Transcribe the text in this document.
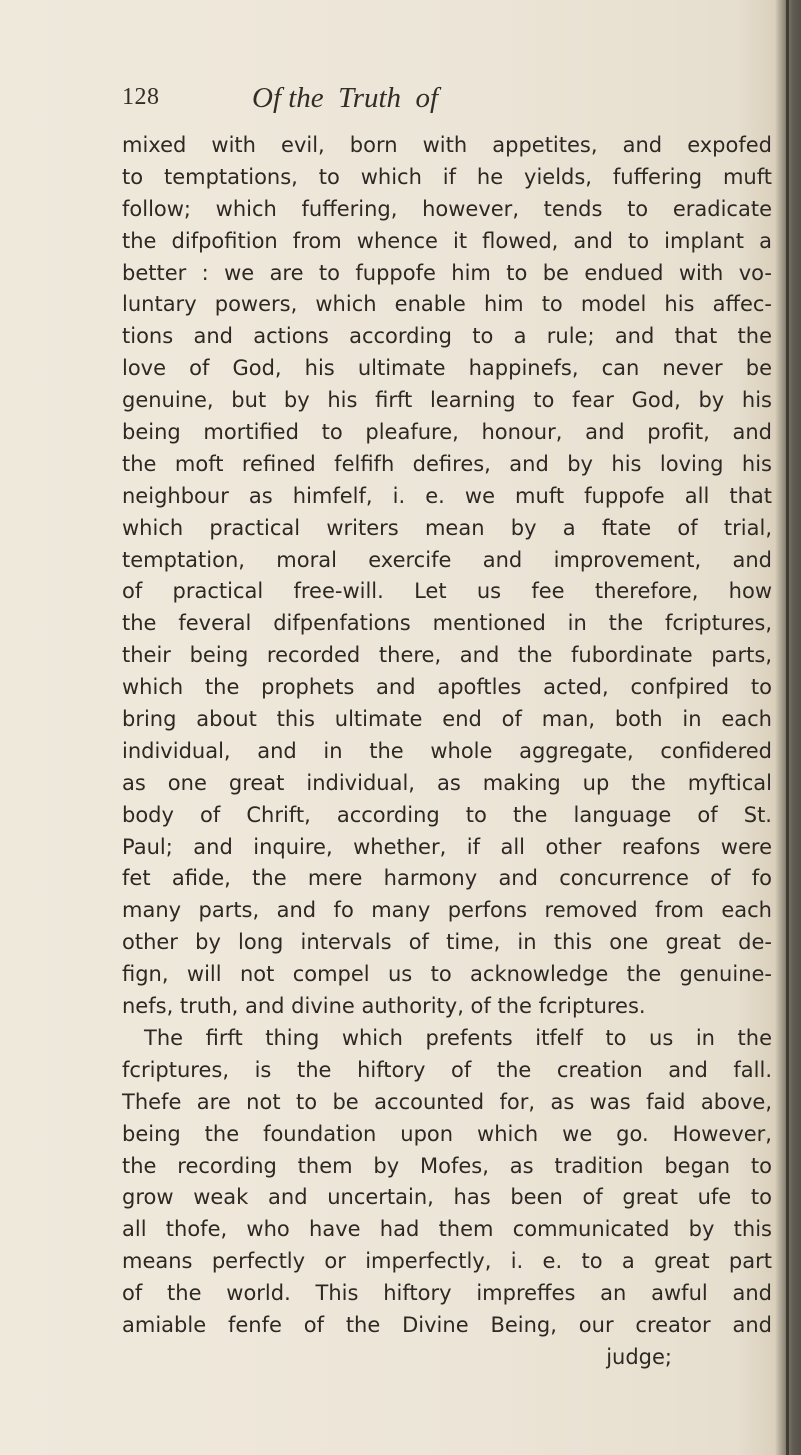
128	Of the  Truth  of
mixed with evil, born with appetites, and expofed
to temptations, to which if he yields, fuffering muft
follow; which fuffering, however, tends to eradicate
the difpofition from whence it flowed, and to implant a
better : we are to fuppofe him to be endued with vo-
luntary powers, which enable him to model his affec-
tions and actions according to a rule; and that the
love of God, his ultimate happinefs, can never be
genuine, but by his firft learning to fear God, by his
being mortified to pleafure, honour, and profit, and
the moft refined felfifh defires, and by his loving his
neighbour as himfelf, i. e. we muft fuppofe all that
which practical writers mean by a ftate of trial,
temptation, moral exercife and improvement, and
of practical free-will. Let us fee therefore, how
the feveral difpenfations mentioned in the fcriptures,
their being recorded there, and the fubordinate parts,
which the prophets and apoftles acted, confpired to
bring about this ultimate end of man, both in each
individual, and in the whole aggregate, confidered
as one great individual, as making up the myftical
body of Chrift, according to the language of St.
Paul; and inquire, whether, if all other reafons were
fet afide, the mere harmony and concurrence of fo
many parts, and fo many perfons removed from each
other by long intervals of time, in this one great de-
fign, will not compel us to acknowledge the genuine-
nefs, truth, and divine authority, of the fcriptures.
The firft thing which prefents itfelf to us in the
fcriptures, is the hiftory of the creation and fall.
Thefe are not to be accounted for, as was faid above,
being the foundation upon which we go. However,
the recording them by Mofes, as tradition began to
grow weak and uncertain, has been of great ufe to
all thofe, who have had them communicated by this
means perfectly or imperfectly, i. e. to a great part
of the world. This hiftory impreffes an awful and
amiable fenfe of the Divine Being, our creator and
judge;
